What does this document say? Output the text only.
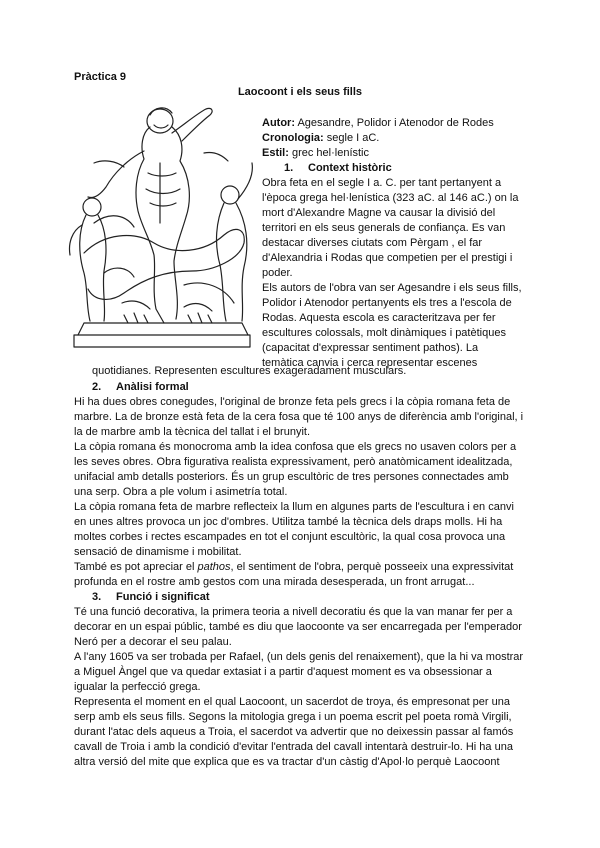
Pràctica 9
Laocoont i els seus fills
Autor: Agesandre, Polidor i Atenodor de Rodes
Cronologia: segle I aC.
Estil: grec hel·lenístic
1. Context històric
Obra feta en el segle I a. C. per tant pertanyent a
l'època grega hel·lenística (323 aC. al 146 aC.) on la
mort d'Alexandre Magne va causar la divisió del
territori en els seus generals de confiança. Es van
destacar diverses ciutats com Pèrgam , el far
d'Alexandria i Rodas que competien per el prestigi i
poder.
Els autors de l'obra van ser Agesandre i els seus fills,
Polidor i Atenodor pertanyents els tres a l'escola de
Rodas. Aquesta escola es caracteritzava per fer
escultures colossals, molt dinàmiques i patètiques
(capacitat d'expressar sentiment pathos). La
temàtica canvia i cerca representar escenes
quotidianes. Representen escultures exageradament musculars.
2. Anàlisi formal
Hi ha dues obres conegudes, l'original de bronze feta pels grecs i la còpia romana feta de
marbre. La de bronze està feta de la cera fosa que té 100 anys de diferència amb l'original, i
la de marbre amb la tècnica del tallat i el brunyit.
La còpia romana és monocroma amb la idea confosa que els grecs no usaven colors per a
les seves obres. Obra figurativa realista expressivament, però anatòmicament idealitzada,
unifacial amb detalls posteriors. És un grup escultòric de tres persones connectades amb
una serp. Obra a ple volum i asimetría total.
La còpia romana feta de marbre reflecteix la llum en algunes parts de l'escultura i en canvi
en unes altres provoca un joc d'ombres. Utilitza també la tècnica dels draps molls. Hi ha
moltes corbes i rectes escampades en tot el conjunt escultòric, la qual cosa provoca una
sensació de dinamisme i mobilitat.
També es pot apreciar el pathos, el sentiment de l'obra, perquè posseeix una expressivitat
profunda en el rostre amb gestos com una mirada desesperada, un front arrugat...
3. Funció i significat
Té una funció decorativa, la primera teoria a nivell decoratiu és que la van manar fer per a
decorar en un espai públic, també es diu que laocoonte va ser encarregada per l'emperador
Neró per a decorar el seu palau.
A l'any 1605 va ser trobada per Rafael, (un dels genis del renaixement), que la hi va mostrar
a Miguel Àngel que va quedar extasiat i a partir d'aquest moment es va obsessionar a
igualar la perfecció grega.
Representa el moment en el qual Laocoont, un sacerdot de troya, és empresonat per una
serp amb els seus fills. Segons la mitologia grega i un poema escrit pel poeta romà Virgili,
durant l'atac dels aqueus a Troia, el sacerdot va advertir que no deixessin passar al famós
cavall de Troia i amb la condició d'evitar l'entrada del cavall intentarà destruir-lo. Hi ha una
altra versió del mite que explica que es va tractar d'un càstig d'Apol·lo perquè Laocoont
